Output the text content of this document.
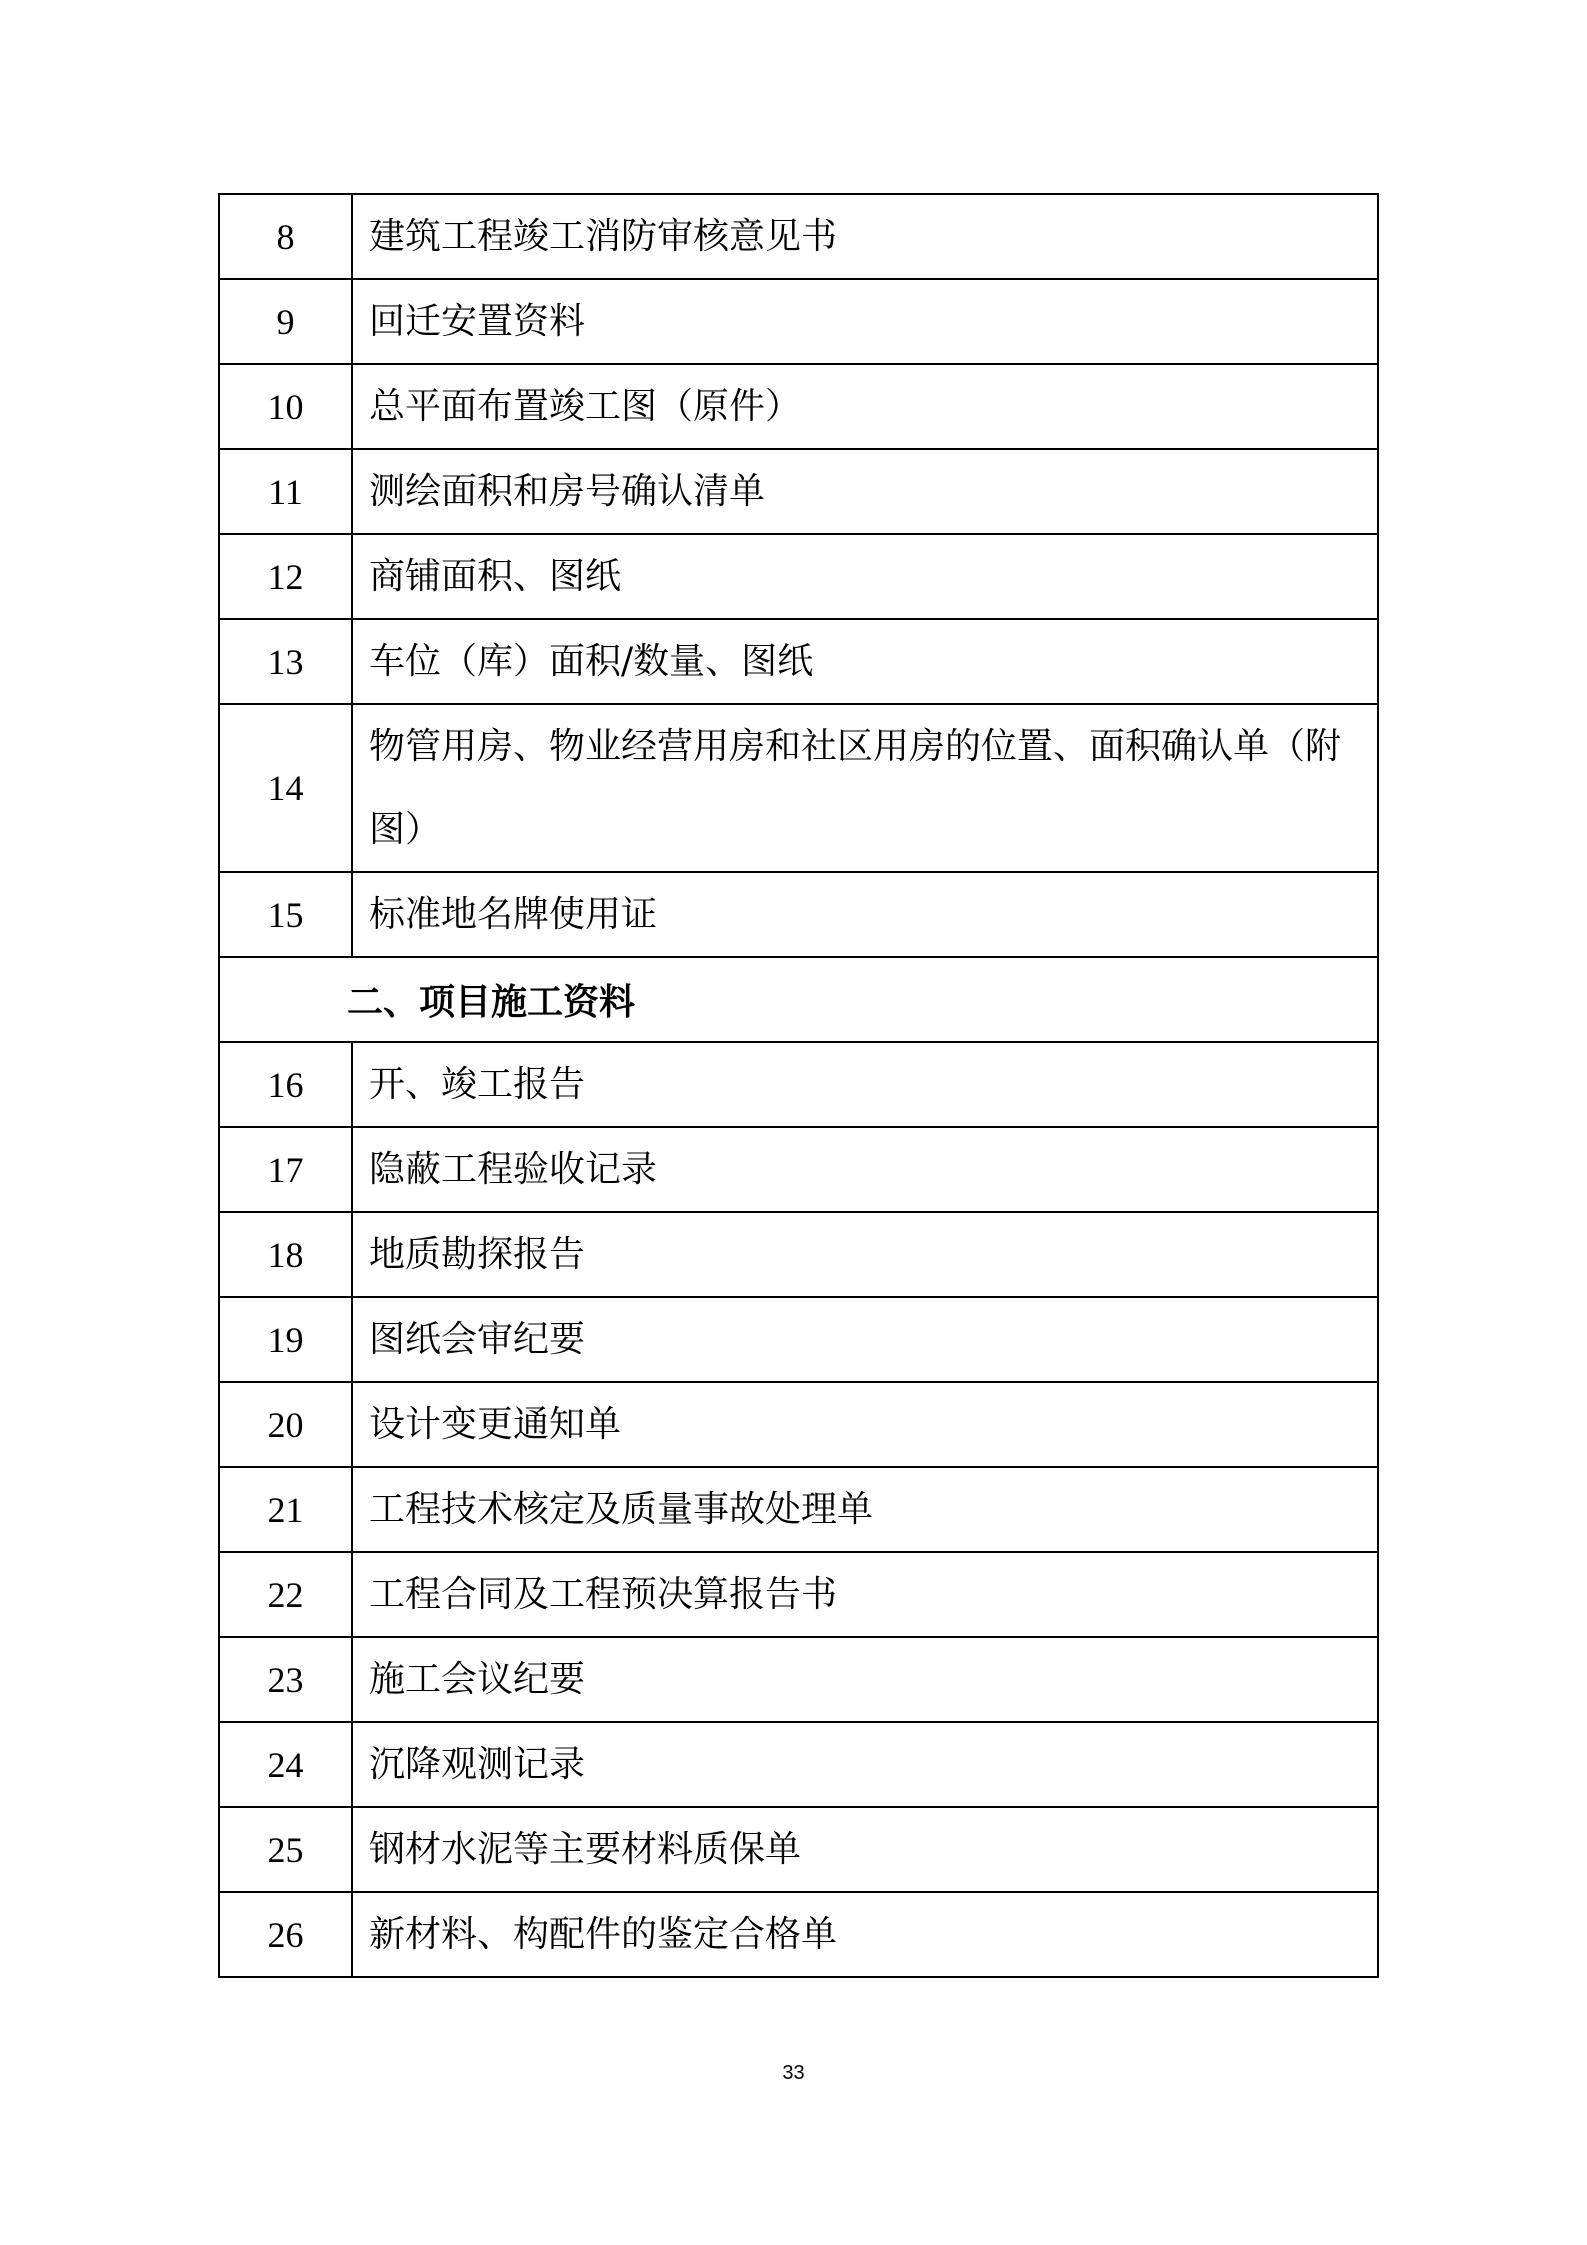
8	建筑工程竣工消防审核意见书
9	回迁安置资料
10	总平面布置竣工图（原件）
11	测绘面积和房号确认清单
12	商铺面积、图纸
13	车位（库）面积/数量、图纸
14	物管用房、物业经营用房和社区用房的位置、面积确认单（附图）
15	标准地名牌使用证
二、项目施工资料	
16	开、竣工报告
17	隐蔽工程验收记录
18	地质勘探报告
19	图纸会审纪要
20	设计变更通知单
21	工程技术核定及质量事故处理单
22	工程合同及工程预决算报告书
23	施工会议纪要
24	沉降观测记录
25	钢材水泥等主要材料质保单
26	新材料、构配件的鉴定合格单
33
